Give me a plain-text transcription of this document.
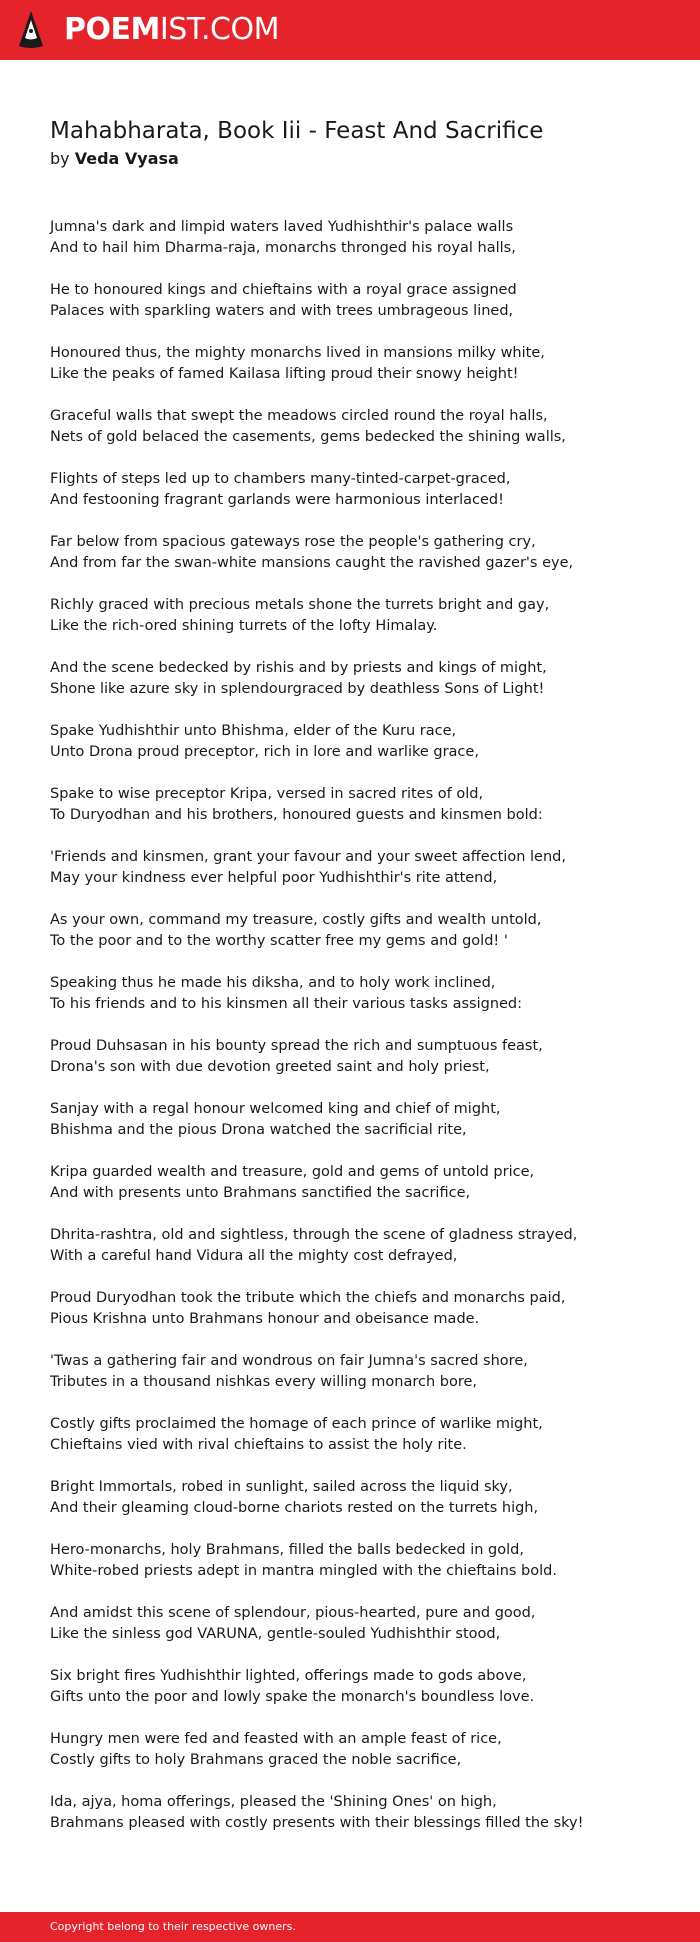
POEMIST.COM
Mahabharata, Book Iii - Feast And Sacrifice
by Veda Vyasa

Jumna's dark and limpid waters laved Yudhishthir's palace walls
And to hail him Dharma-raja, monarchs thronged his royal halls,

He to honoured kings and chieftains with a royal grace assigned
Palaces with sparkling waters and with trees umbrageous lined,

Honoured thus, the mighty monarchs lived in mansions milky white,
Like the peaks of famed Kailasa lifting proud their snowy height!

Graceful walls that swept the meadows circled round the royal halls,
Nets of gold belaced the casements, gems bedecked the shining walls,

Flights of steps led up to chambers many-tinted-carpet-graced,
And festooning fragrant garlands were harmonious interlaced!

Far below from spacious gateways rose the people's gathering cry,
And from far the swan-white mansions caught the ravished gazer's eye,

Richly graced with precious metals shone the turrets bright and gay,
Like the rich-ored shining turrets of the lofty Himalay.

And the scene bedecked by rishis and by priests and kings of might,
Shone like azure sky in splendourgraced by deathless Sons of Light!

Spake Yudhishthir unto Bhishma, elder of the Kuru race,
Unto Drona proud preceptor, rich in lore and warlike grace,

Spake to wise preceptor Kripa, versed in sacred rites of old,
To Duryodhan and his brothers, honoured guests and kinsmen bold:

'Friends and kinsmen, grant your favour and your sweet affection lend,
May your kindness ever helpful poor Yudhishthir's rite attend,

As your own, command my treasure, costly gifts and wealth untold,
To the poor and to the worthy scatter free my gems and gold! '

Speaking thus he made his diksha, and to holy work inclined,
To his friends and to his kinsmen all their various tasks assigned:

Proud Duhsasan in his bounty spread the rich and sumptuous feast,
Drona's son with due devotion greeted saint and holy priest,

Sanjay with a regal honour welcomed king and chief of might,
Bhishma and the pious Drona watched the sacrificial rite,

Kripa guarded wealth and treasure, gold and gems of untold price,
And with presents unto Brahmans sanctified the sacrifice,

Dhrita-rashtra, old and sightless, through the scene of gladness strayed,
With a careful hand Vidura all the mighty cost defrayed,

Proud Duryodhan took the tribute which the chiefs and monarchs paid,
Pious Krishna unto Brahmans honour and obeisance made.

'Twas a gathering fair and wondrous on fair Jumna's sacred shore,
Tributes in a thousand nishkas every willing monarch bore,

Costly gifts proclaimed the homage of each prince of warlike might,
Chieftains vied with rival chieftains to assist the holy rite.

Bright Immortals, robed in sunlight, sailed across the liquid sky,
And their gleaming cloud-borne chariots rested on the turrets high,

Hero-monarchs, holy Brahmans, filled the balls bedecked in gold,
White-robed priests adept in mantra mingled with the chieftains bold.

And amidst this scene of splendour, pious-hearted, pure and good,
Like the sinless god VARUNA, gentle-souled Yudhishthir stood,

Six bright fires Yudhishthir lighted, offerings made to gods above,
Gifts unto the poor and lowly spake the monarch's boundless love.

Hungry men were fed and feasted with an ample feast of rice,
Costly gifts to holy Brahmans graced the noble sacrifice,

Ida, ajya, homa offerings, pleased the 'Shining Ones' on high,
Brahmans pleased with costly presents with their blessings filled the sky!

Copyright belong to their respective owners.
